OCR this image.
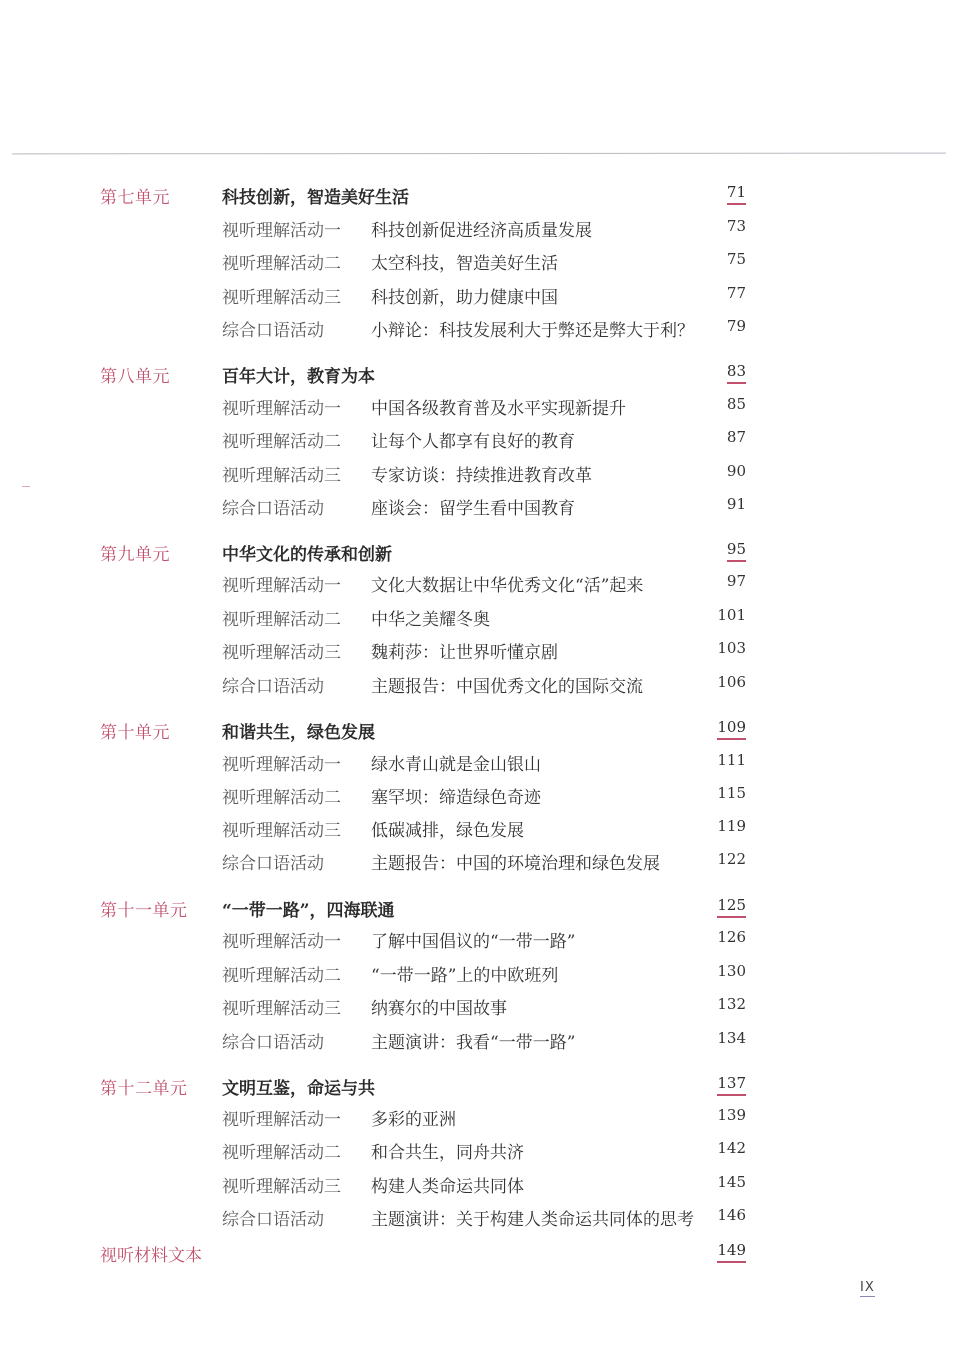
第七单元	科技创新，智造美好生活	71
视听理解活动一 科技创新促进经济高质量发展	73
视听理解活动二 太空科技，智造美好生活	75
视听理解活动三 科技创新，助力健康中国	77
综合口语活动	小辩论：科技发展利大于弊还是弊大于利？ 79
第八单元	百年大计，教育为本	83
视听理解活动一 中国各级教育普及水平实现新提升	85
视听理解活动二 让每个人都享有良好的教育	87
视听理解活动三 专家访谈：持续推进教育改革	90
综合口语活动	座谈会：留学生看中国教育	91
第九单元	中华文化的传承和创新	95
视听理解活动一 文化大数据让中华优秀文化“活”起来	97
视听理解活动二 中华之美耀冬奥	101
视听理解活动三 魏莉莎：让世界听懂京剧	103
综合口语活动	主题报告：中国优秀文化的国际交流	106
第十单元	和谐共生，绿色发展	109
视听理解活动一 绿水青山就是金山银山	111
视听理解活动二 塞罕坝：缔造绿色奇迹	115
视听理解活动三 低碳减排，绿色发展	119
综合口语活动	主题报告：中国的环境治理和绿色发展	122
第十一单元 “一带一路”，四海联通	125
视听理解活动一 了解中国倡议的“一带一路”	126
视听理解活动二 “一带一路”上的中欧班列	130
视听理解活动三 纳赛尔的中国故事	132
综合口语活动	主题演讲：我看“一带一路”	134
第十二单元 文明互鉴，命运与共	137
视听理解活动一 多彩的亚洲	139
视听理解活动二 和合共生，同舟共济	142
视听理解活动三 构建人类命运共同体	145
综合口语活动	主题演讲：关于构建人类命运共同体的思考 146
视听材料文本	149
IX
